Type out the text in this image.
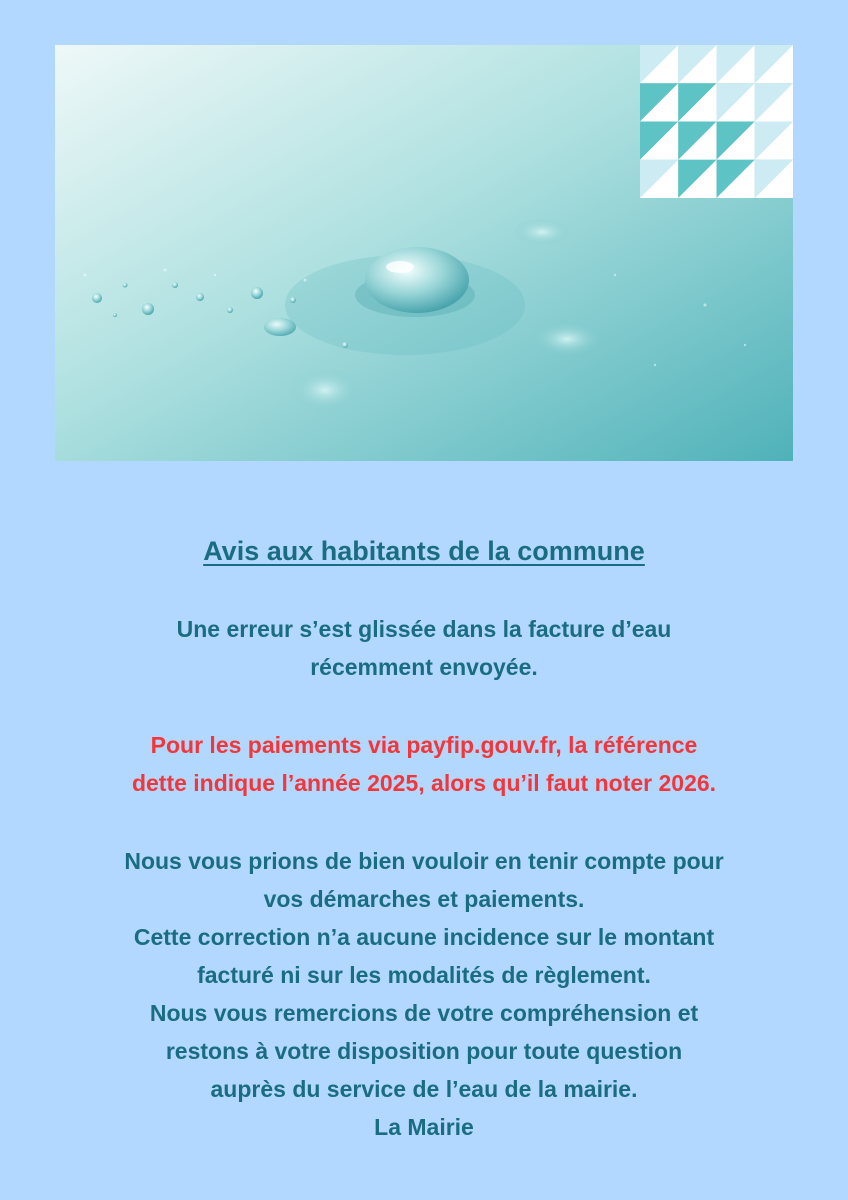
Avis aux habitants de la commune

Une erreur s’est glissée dans la facture d’eau

récemment envoyée.

Pour les paiements via payfip.gouv.fr, la référence

dette indique l’année 2025, alors qu’il faut noter 2026.

Nous vous prions de bien vouloir en tenir compte pour

vos démarches et paiements.

Cette correction n’a aucune incidence sur le montant

facturé ni sur les modalités de règlement.

Nous vous remercions de votre compréhension et

restons à votre disposition pour toute question

auprès du service de l’eau de la mairie.

La Mairie
